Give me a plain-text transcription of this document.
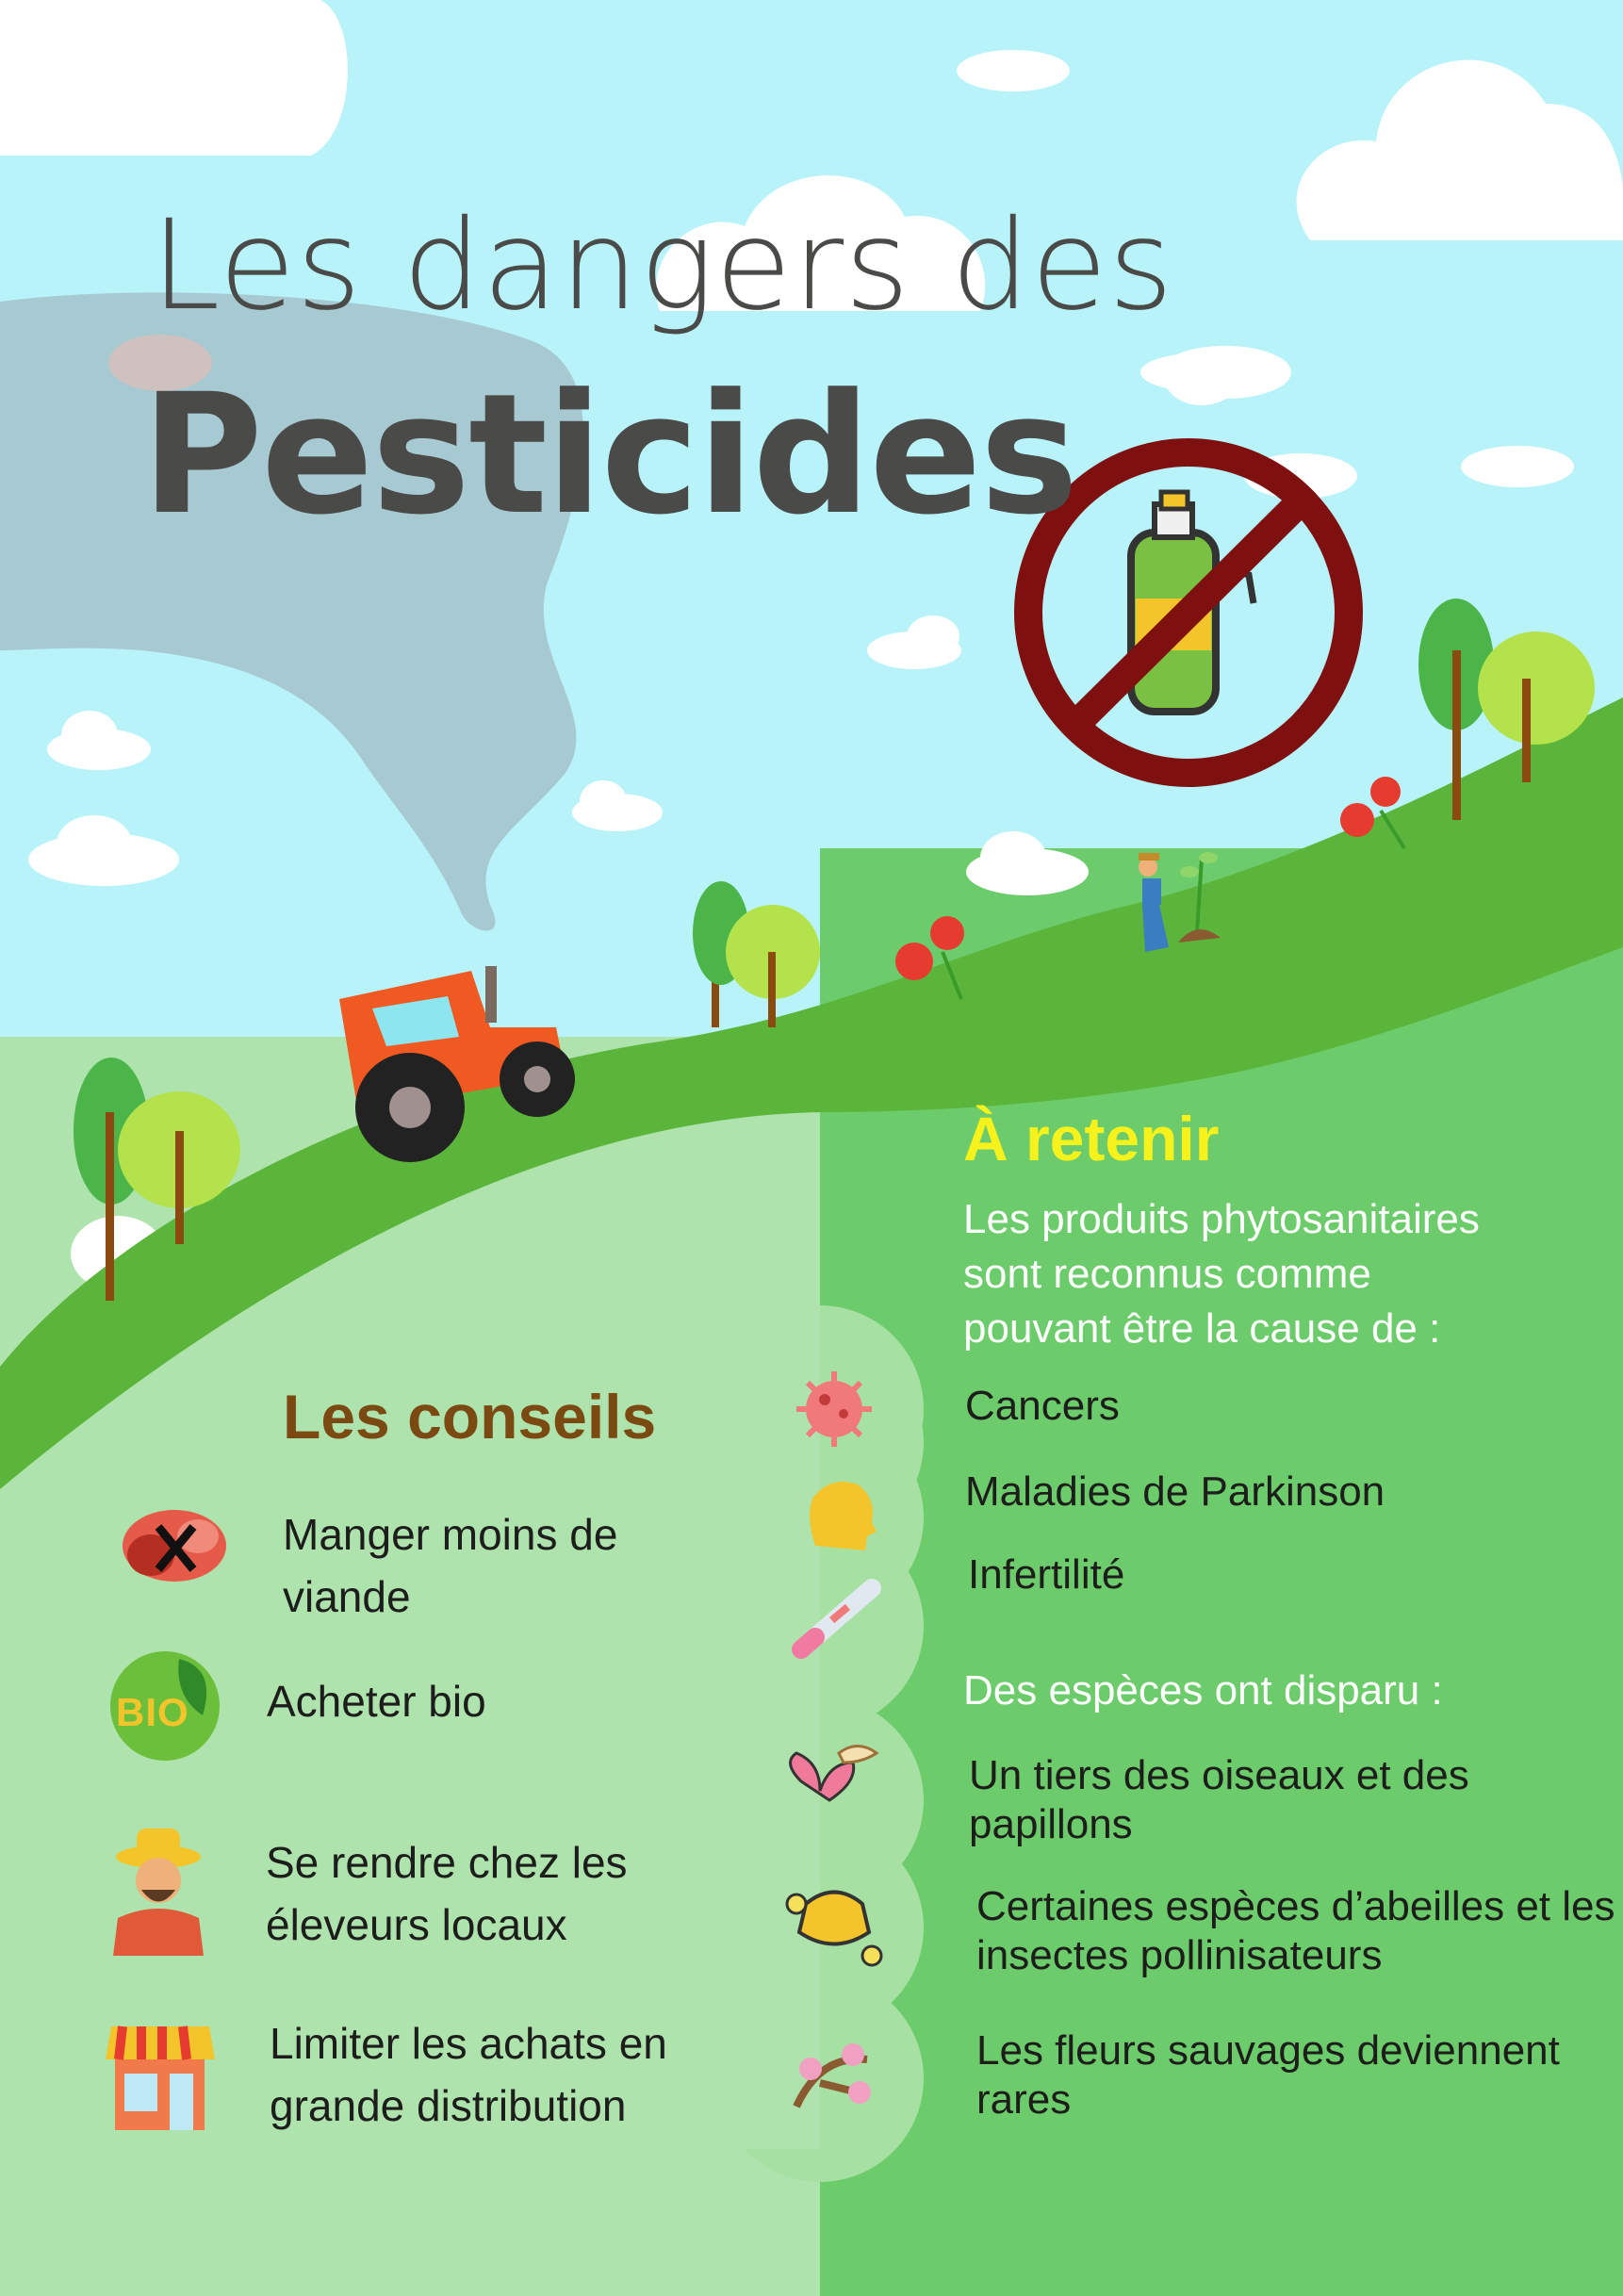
Les dangers des
Pesticides
Les conseils
Manger moins de
viande
BIO Acheter bio
Se rendre chez les
éleveurs locaux
Limiter les achats en
grande distribution
À retenir
Les produits phytosanitaires
sont reconnus comme
pouvant être la cause de :
Cancers
Maladies de Parkinson
Infertilité
Des espèces ont disparu :
Un tiers des oiseaux et des
papillons
Certaines espèces d’abeilles et les
insectes pollinisateurs
Les fleurs sauvages deviennent
rares
